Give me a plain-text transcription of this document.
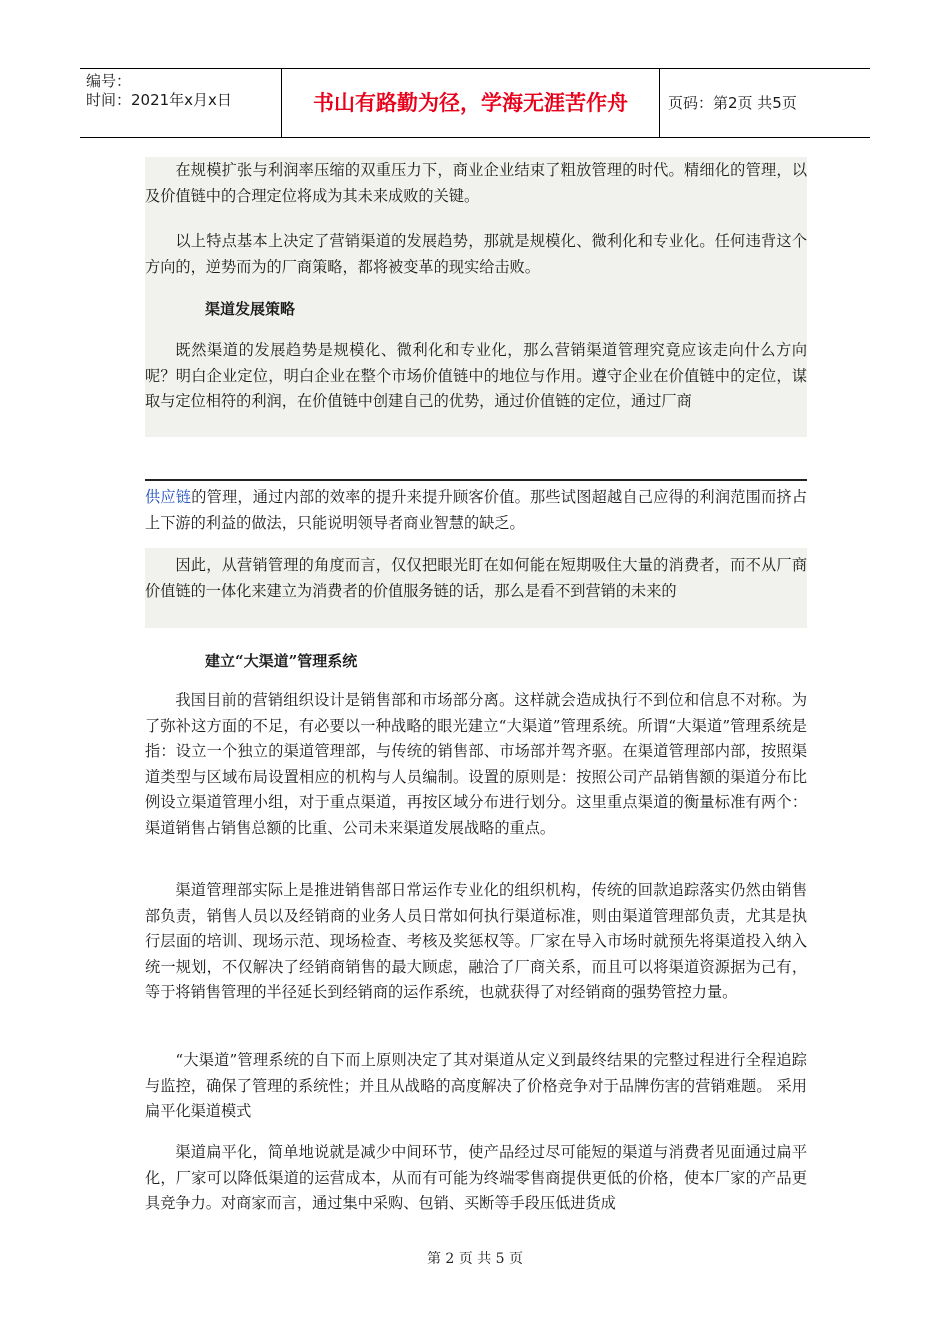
编号：
时间：2021年x月x日	书山有路勤为径，学海无涯苦作舟	页码：第2页 共5页

在规模扩张与利润率压缩的双重压力下，商业企业结束了粗放管理的时代。精细化的管理，以及价值链中的合理定位将成为其未来成败的关键。

以上特点基本上决定了营销渠道的发展趋势，那就是规模化、微利化和专业化。任何违背这个方向的，逆势而为的厂商策略，都将被变革的现实给击败。

渠道发展策略

既然渠道的发展趋势是规模化、微利化和专业化，那么营销渠道管理究竟应该走向什么方向呢？明白企业定位，明白企业在整个市场价值链中的地位与作用。遵守企业在价值链中的定位，谋取与定位相符的利润，在价值链中创建自己的优势，通过价值链的定位，通过厂商

供应链的管理，通过内部的效率的提升来提升顾客价值。那些试图超越自己应得的利润范围而挤占上下游的利益的做法，只能说明领导者商业智慧的缺乏。

因此，从营销管理的角度而言，仅仅把眼光盯在如何能在短期吸住大量的消费者，而不从厂商价值链的一体化来建立为消费者的价值服务链的话，那么是看不到营销的未来的

建立“大渠道”管理系统

我国目前的营销组织设计是销售部和市场部分离。这样就会造成执行不到位和信息不对称。为了弥补这方面的不足，有必要以一种战略的眼光建立“大渠道”管理系统。所谓“大渠道”管理系统是指：设立一个独立的渠道管理部，与传统的销售部、市场部并驾齐驱。在渠道管理部内部，按照渠道类型与区域布局设置相应的机构与人员编制。设置的原则是：按照公司产品销售额的渠道分布比例设立渠道管理小组，对于重点渠道，再按区域分布进行划分。这里重点渠道的衡量标准有两个：渠道销售占销售总额的比重、公司未来渠道发展战略的重点。

渠道管理部实际上是推进销售部日常运作专业化的组织机构，传统的回款追踪落实仍然由销售部负责，销售人员以及经销商的业务人员日常如何执行渠道标准，则由渠道管理部负责，尤其是执行层面的培训、现场示范、现场检查、考核及奖惩权等。厂家在导入市场时就预先将渠道投入纳入统一规划，不仅解决了经销商销售的最大顾虑，融洽了厂商关系，而且可以将渠道资源据为己有，等于将销售管理的半径延长到经销商的运作系统，也就获得了对经销商的强势管控力量。

“大渠道”管理系统的自下而上原则决定了其对渠道从定义到最终结果的完整过程进行全程追踪与监控，确保了管理的系统性；并且从战略的高度解决了价格竞争对于品牌伤害的营销难题。 采用扁平化渠道模式

渠道扁平化，简单地说就是减少中间环节，使产品经过尽可能短的渠道与消费者见面通过扁平化，厂家可以降低渠道的运营成本，从而有可能为终端零售商提供更低的价格，使本厂家的产品更具竞争力。对商家而言，通过集中采购、包销、买断等手段压低进货成

第 2 页 共 5 页
